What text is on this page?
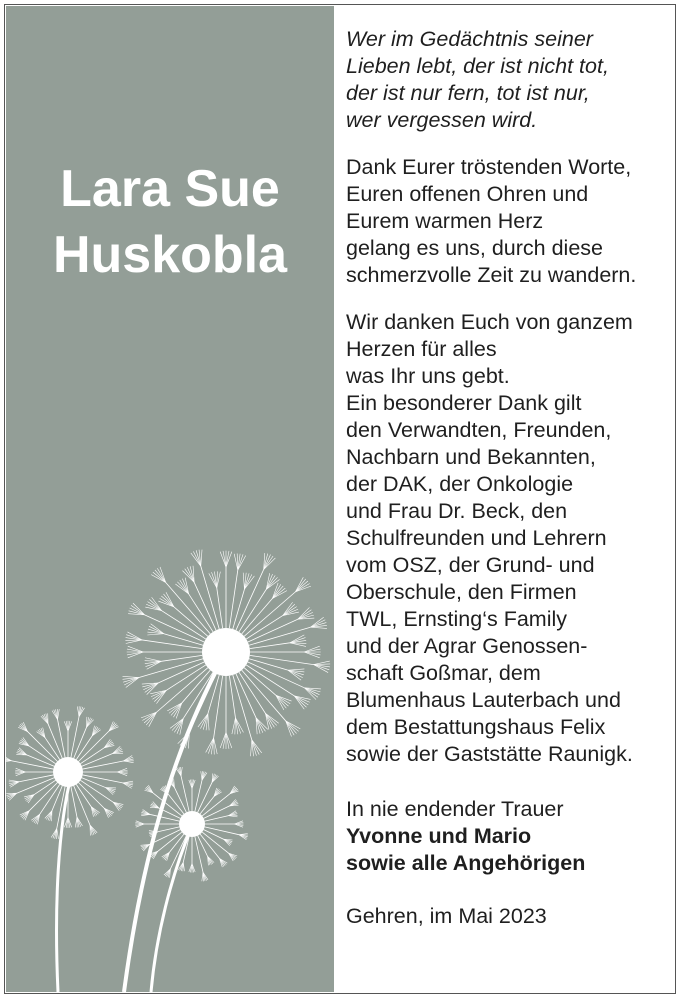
Lara Sue
Huskobla

Wer im Gedächtnis seiner
Lieben lebt, der ist nicht tot,
der ist nur fern, tot ist nur,
wer vergessen wird.

Dank Eurer tröstenden Worte,
Euren offenen Ohren und
Eurem warmen Herz
gelang es uns, durch diese
schmerzvolle Zeit zu wandern.

Wir danken Euch von ganzem
Herzen für alles
was Ihr uns gebt.
Ein besonderer Dank gilt
den Verwandten, Freunden,
Nachbarn und Bekannten,
der DAK, der Onkologie
und Frau Dr. Beck, den
Schulfreunden und Lehrern
vom OSZ, der Grund- und
Oberschule, den Firmen
TWL, Ernsting‘s Family
und der Agrar Genossen-
schaft Goßmar, dem
Blumenhaus Lauterbach und
dem Bestattungshaus Felix
sowie der Gaststätte Raunigk.

In nie endender Trauer
Yvonne und Mario
sowie alle Angehörigen

Gehren, im Mai 2023
